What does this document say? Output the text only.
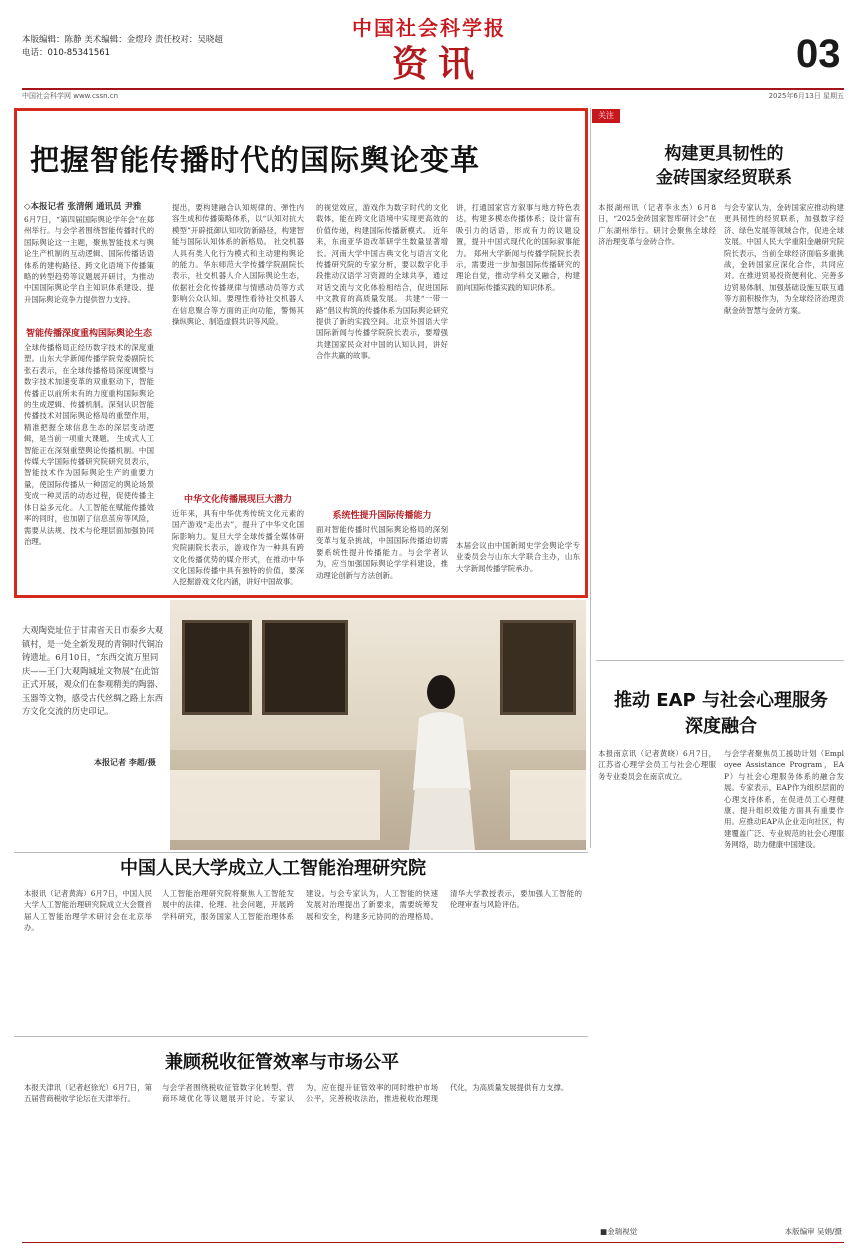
本版编辑：陈静 美术编辑：金煜玲 责任校对：吴晓超
电话：010-85341561
中国社会科学报
资讯	03
中国社会科学网 www.cssn.cn	2025年6月13日 星期五
把握智能传播时代的国际舆论变革
◇本报记者 张清俐 通讯员 尹雅
6月7日，“第四届国际舆论学年会”在郑州举行。与会学者围绕智能传播时代的国际舆论这一主题，聚焦智能技术与舆论生产机制的互动逻辑、国际传播话语体系的建构路径、跨文化语境下传播策略的转型趋势等议题展开研讨，为推动中国国际舆论学自主知识体系建设、提升国际舆论竞争力提供智力支持。
智能传播深度重构国际舆论生态
全球传播格局正经历数字技术的深度重塑。山东大学新闻传播学院党委副院长张石表示，在全球传播格局深度调整与数字技术加速变革的双重驱动下，智能传播正以前所未有的力度重构国际舆论的生成逻辑、传播机制。深刻认识智能传播技术对国际舆论格局的重塑作用，精准把握全球信息生态的深层变动逻辑，是当前一项重大课题。 生成式人工智能正在深刻重塑舆论传播机制。中国传媒大学国际传播研究院研究员表示，智能技术作为国际舆论生产的重要力量，使国际传播从一种固定的舆论场景变成一种灵活的动态过程，促使传播主体日益多元化。人工智能在赋能传播效率的同时，也加剧了信息茧房等风险，需要从法规、技术与伦理层面加强协同治理。
提出，要构建融合认知规律的、弹性内容生成和传播策略体系，以“认知对抗大模型”开辟抵御认知攻防新路径，构建智能与国际认知体系的新格局。 社交机器人具有类人化行为模式和主动建构舆论的能力。华东师范大学传播学院副院长表示，社交机器人介入国际舆论生态，依据社会化传播规律与情感动员等方式影响公众认知。要理性看待社交机器人在信息聚合等方面的正向功能，警惕其操纵舆论、制造虚假共识等风险。
中华文化传播展现巨大潜力
近年来，具有中华优秀传统文化元素的国产游戏“走出去”，提升了中华文化国际影响力。复旦大学全球传播全媒体研究院副院长表示，游戏作为一种具有跨文化传播优势的媒介形式，在推动中华文化国际传播中具有独特的价值，要深入挖掘游戏文化内涵，讲好中国故事。
的视觉效应，游戏作为数字时代的文化载体，能在跨文化语境中实现更高效的价值传递，构建国际传播新模式。 近年来，东南亚华语改革研学生数量显著增长。河南大学中国古典文化与语言文化传播研究院的专家分析，要以数字化手段推动汉语学习资源的全球共享，通过对话交流与文化体验相结合，促进国际中文教育的高质量发展。 共建“一带一路”倡议构筑的传播体系为国际舆论研究提供了新的实践空间。北京外国语大学国际新闻与传播学院院长表示，要增强共建国家民众对中国的认知认同，讲好合作共赢的故事。
系统性提升国际传播能力
面对智能传播时代国际舆论格局的深刻变革与复杂挑战，中国国际传播迫切需要系统性提升传播能力。与会学者认为，应当加强国际舆论学学科建设，推动理论创新与方法创新。
讲，打通国家官方叙事与地方特色表达，构建多模态传播体系；设计富有吸引力的话语，形成有力的议题设置，提升中国式现代化的国际叙事能力。 郑州大学新闻与传播学院院长表示，需要进一步加强国际传播研究的理论自觉，推动学科交叉融合，构建面向国际传播实践的知识体系。
本届会议由中国新闻史学会舆论学专业委员会与山东大学联合主办，山东大学新闻传播学院承办。
大观陶瓷址位于甘肃省天日市泰乡大观镇村，是一处全新发现的青铜时代铜冶铸遗址。6月10日，“东西交流万里同庆——王门大观陶城址文物展”在此馆正式开展，观众们在参观精美的陶器、玉器等文物，感受古代丝绸之路上东西方文化交流的历史印记。
本报记者 李超/摄
关注
构建更具韧性的
金砖国家经贸联系
本报湖州讯（记者李永杰）6月8日，“2025金砖国家智库研讨会”在广东湖州举行。研讨会聚焦全球经济治理变革与金砖合作。
与会专家认为，金砖国家应推动构建更具韧性的经贸联系，加强数字经济、绿色发展等领域合作，促进全球发展。中国人民大学重阳金融研究院院长表示，当前全球经济面临多重挑战，金砖国家应深化合作，共同应对。在推进贸易投资便利化、完善多边贸易体制、加强基础设施互联互通等方面积极作为，为全球经济治理贡献金砖智慧与金砖方案。
推动 EAP 与社会心理服务
深度融合
本报南京讯（记者黄晓）6月7日，江苏省心理学会员工与社会心理服务专业委员会在南京成立。
与会学者聚焦员工援助计划（Employee Assistance Program，EAP）与社会心理服务体系的融合发展。专家表示，EAP作为组织层面的心理支持体系，在促进员工心理健康、提升组织效能方面具有重要作用。应推动EAP从企业走向社区，构建覆盖广泛、专业规范的社会心理服务网络，助力健康中国建设。
中国人民大学成立人工智能治理研究院
本报讯（记者黄海）6月7日，中国人民大学人工智能治理研究院成立大会暨首届人工智能治理学术研讨会在北京举办。
人工智能治理研究院将聚焦人工智能发展中的法律、伦理、社会问题，开展跨学科研究，服务国家人工智能治理体系建设。与会专家认为，人工智能的快速发展对治理提出了新要求，需要统筹发展和安全，构建多元协同的治理格局。清华大学教授表示，要加强人工智能的伦理审查与风险评估。
兼顾税收征管效率与市场公平
本报天津讯（记者赵徐光）6月7日，第五届营商税收学论坛在天津举行。
与会学者围绕税收征管数字化转型、营商环境优化等议题展开讨论。专家认为，应在提升征管效率的同时维护市场公平，完善税收法治，推进税收治理现代化，为高质量发展提供有力支撑。
■金瑞视觉	本版编审 吴娟/摄
